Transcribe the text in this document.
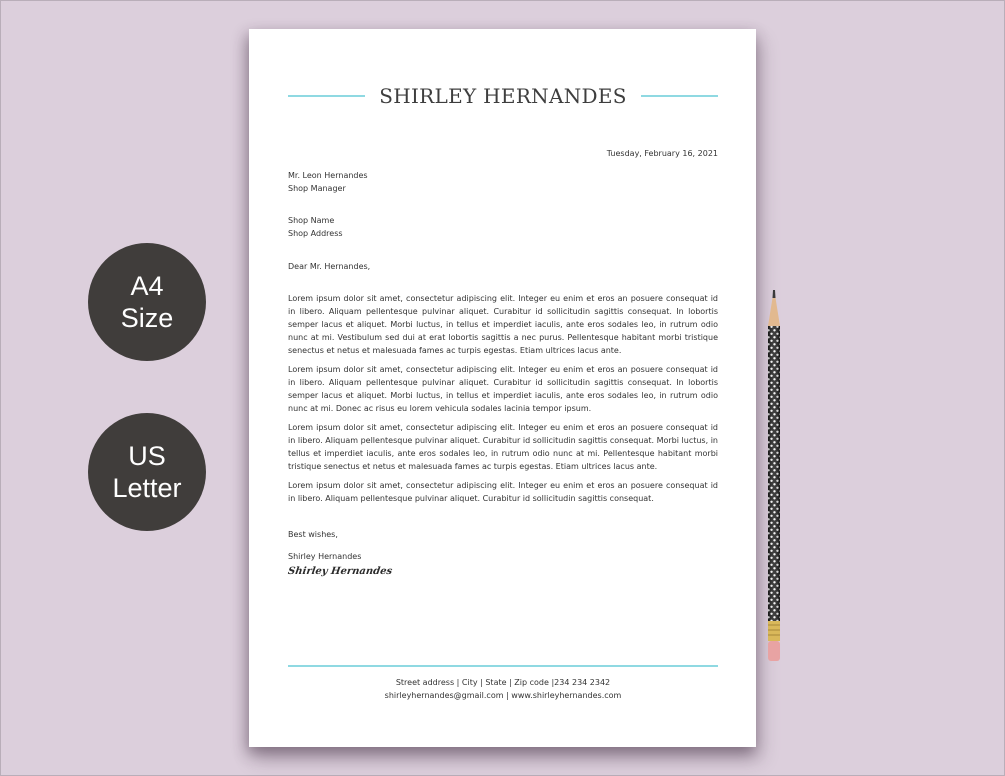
A4
Size
US
Letter
SHIRLEY HERNANDES
Tuesday, February 16, 2021
Mr. Leon Hernandes
Shop Manager
Shop Name
Shop Address
Dear Mr. Hernandes,

Lorem ipsum dolor sit amet, consectetur adipiscing elit. Integer eu enim et eros an posuere consequat id in libero. Aliquam pellentesque pulvinar aliquet. Curabitur id sollicitudin sagittis consequat. In lobortis semper lacus et aliquet. Morbi luctus, in tellus et imperdiet iaculis, ante eros sodales leo, in rutrum odio nunc at mi. Vestibulum sed dui at erat lobortis sagittis a nec purus. Pellentesque habitant morbi tristique senectus et netus et malesuada fames ac turpis egestas. Etiam ultrices lacus ante.

Lorem ipsum dolor sit amet, consectetur adipiscing elit. Integer eu enim et eros an posuere consequat id in libero. Aliquam pellentesque pulvinar aliquet. Curabitur id sollicitudin sagittis consequat. In lobortis semper lacus et aliquet. Morbi luctus, in tellus et imperdiet iaculis, ante eros sodales leo, in rutrum odio nunc at mi. Donec ac risus eu lorem vehicula sodales lacinia tempor ipsum.

Lorem ipsum dolor sit amet, consectetur adipiscing elit. Integer eu enim et eros an posuere consequat id in libero. Aliquam pellentesque pulvinar aliquet. Curabitur id sollicitudin sagittis consequat. Morbi luctus, in tellus et imperdiet iaculis, ante eros sodales leo, in rutrum odio nunc at mi. Pellentesque habitant morbi tristique senectus et netus et malesuada fames ac turpis egestas. Etiam ultrices lacus ante.

Lorem ipsum dolor sit amet, consectetur adipiscing elit. Integer eu enim et eros an posuere consequat id in libero. Aliquam pellentesque pulvinar aliquet. Curabitur id sollicitudin sagittis consequat.

Best wishes,
Shirley Hernandes
Shirley Hernandes
Street address | City | State | Zip code |234 234 2342
shirleyhernandes@gmail.com | www.shirleyhernandes.com
